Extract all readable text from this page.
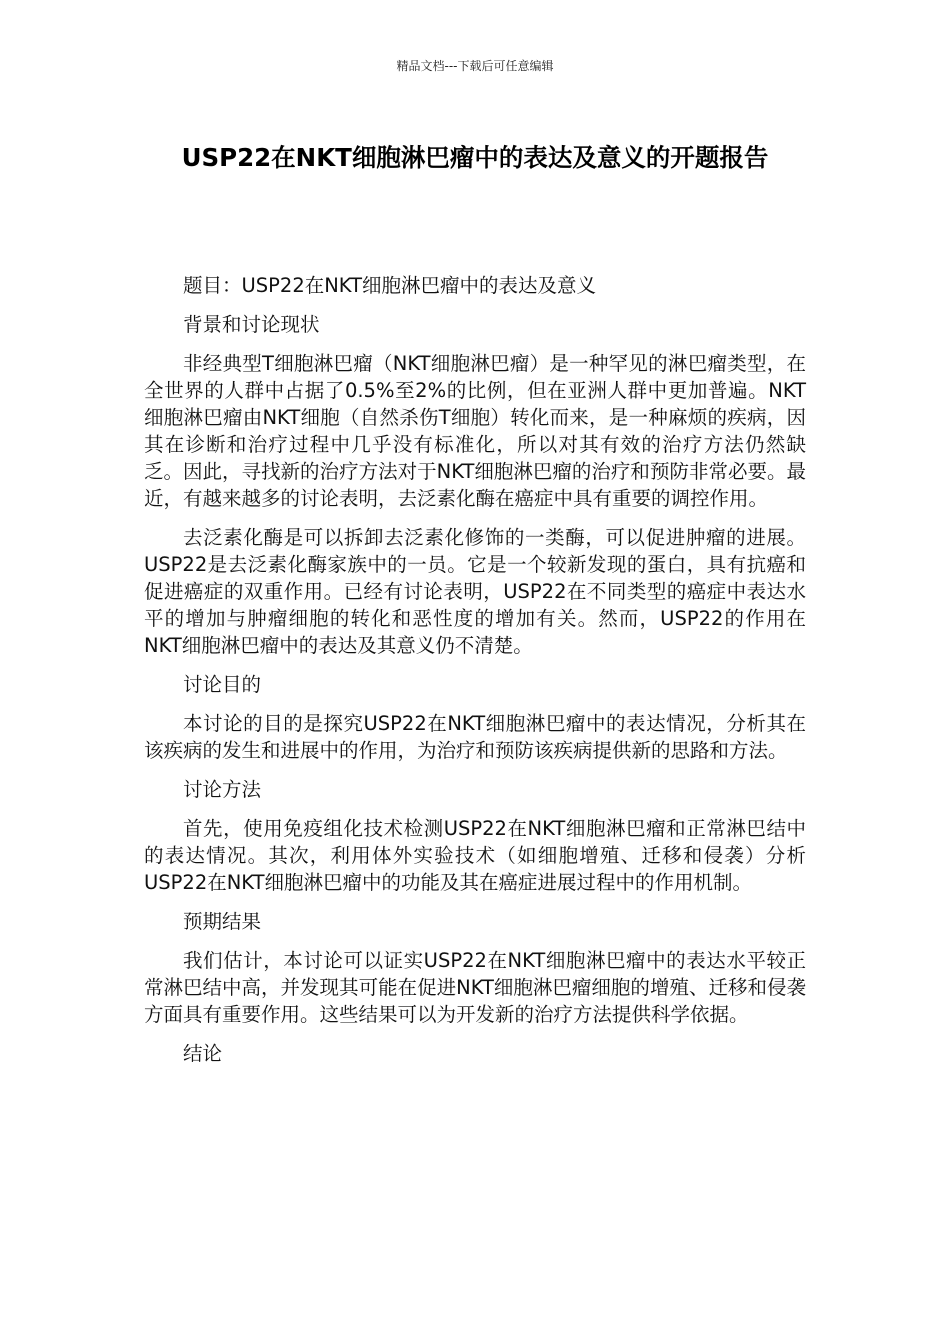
精品文档---下载后可任意编辑
USP22在NKT细胞淋巴瘤中的表达及意义的开题报告

题目：USP22在NKT细胞淋巴瘤中的表达及意义

背景和讨论现状

非经典型T细胞淋巴瘤（NKT细胞淋巴瘤）是一种罕见的淋巴瘤类型，在全世界的人群中占据了0.5%至2%的比例，但在亚洲人群中更加普遍。NKT细胞淋巴瘤由NKT细胞（自然杀伤T细胞）转化而来，是一种麻烦的疾病，因其在诊断和治疗过程中几乎没有标准化，所以对其有效的治疗方法仍然缺乏。因此，寻找新的治疗方法对于NKT细胞淋巴瘤的治疗和预防非常必要。最近，有越来越多的讨论表明，去泛素化酶在癌症中具有重要的调控作用。

去泛素化酶是可以拆卸去泛素化修饰的一类酶，可以促进肿瘤的进展。USP22是去泛素化酶家族中的一员。它是一个较新发现的蛋白，具有抗癌和促进癌症的双重作用。已经有讨论表明，USP22在不同类型的癌症中表达水平的增加与肿瘤细胞的转化和恶性度的增加有关。然而，USP22的作用在NKT细胞淋巴瘤中的表达及其意义仍不清楚。

讨论目的

本讨论的目的是探究USP22在NKT细胞淋巴瘤中的表达情况，分析其在该疾病的发生和进展中的作用，为治疗和预防该疾病提供新的思路和方法。

讨论方法

首先，使用免疫组化技术检测USP22在NKT细胞淋巴瘤和正常淋巴结中的表达情况。其次，利用体外实验技术（如细胞增殖、迁移和侵袭）分析USP22在NKT细胞淋巴瘤中的功能及其在癌症进展过程中的作用机制。

预期结果

我们估计，本讨论可以证实USP22在NKT细胞淋巴瘤中的表达水平较正常淋巴结中高，并发现其可能在促进NKT细胞淋巴瘤细胞的增殖、迁移和侵袭方面具有重要作用。这些结果可以为开发新的治疗方法提供科学依据。

结论
